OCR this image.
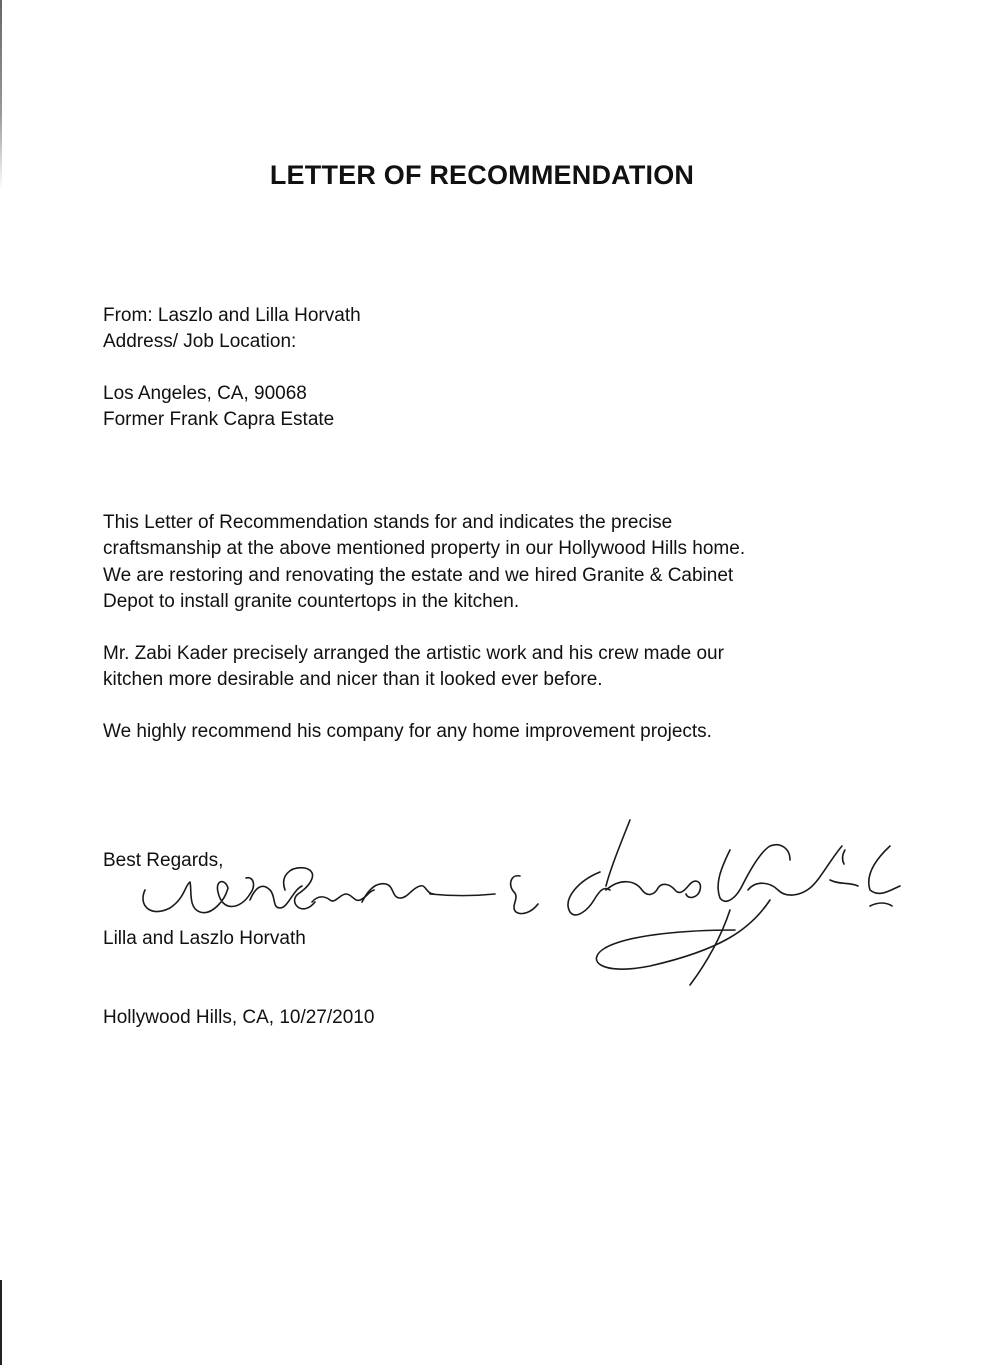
LETTER OF RECOMMENDATION
From: Laszlo and Lilla Horvath
Address/ Job Location:
Los Angeles, CA, 90068
Former Frank Capra Estate
This Letter of Recommendation stands for and indicates the precise
craftsmanship at the above mentioned property in our Hollywood Hills home.
We are restoring and renovating the estate and we hired Granite & Cabinet
Depot to install granite countertops in the kitchen.
Mr. Zabi Kader precisely arranged the artistic work and his crew made our
kitchen more desirable and nicer than it looked ever before.
We highly recommend his company for any home improvement projects.
Best Regards,
Lilla and Laszlo Horvath
Hollywood Hills, CA, 10/27/2010
